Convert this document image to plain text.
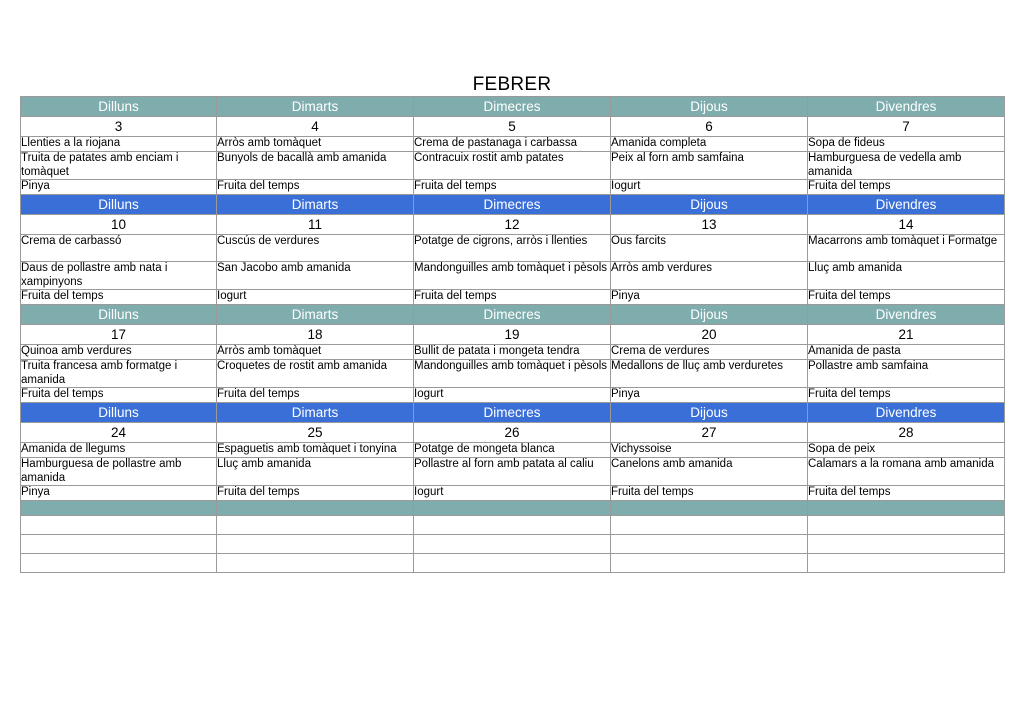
FEBRER
Dilluns	Dimarts	Dimecres	Dijous	Divendres
3	4	5	6	7
Llenties a la riojana	Arròs amb tomàquet	Crema de pastanaga i carbassa	Amanida completa	Sopa de fideus
Truita de patates amb enciam i tomàquet	Bunyols de bacallà amb amanida	Contracuix rostit amb patates	Peix al forn amb samfaina	Hamburguesa de vedella amb amanida
Pinya	Fruita del temps	Fruita del temps	Iogurt	Fruita del temps
Dilluns	Dimarts	Dimecres	Dijous	Divendres
10	11	12	13	14
Crema de carbassó	Cuscús de verdures	Potatge de cigrons, arròs i llenties	Ous farcits	Macarrons amb tomàquet i Formatge
Daus de pollastre amb nata i xampinyons	San Jacobo amb amanida	Mandonguilles amb tomàquet i pèsols	Arròs amb verdures	Lluç amb amanida
Fruita del temps	Iogurt	Fruita del temps	Pinya	Fruita del temps
Dilluns	Dimarts	Dimecres	Dijous	Divendres
17	18	19	20	21
Quinoa amb verdures	Arròs amb tomàquet	Bullit de patata i mongeta tendra	Crema de verdures	Amanida de pasta
Truita francesa amb formatge i amanida	Croquetes de rostit amb amanida	Mandonguilles amb tomàquet i pèsols	Medallons de lluç amb verduretes	Pollastre amb samfaina
Fruita del temps	Fruita del temps	Iogurt	Pinya	Fruita del temps
Dilluns	Dimarts	Dimecres	Dijous	Divendres
24	25	26	27	28
Amanida de llegums	Espaguetis amb tomàquet i tonyina	Potatge de mongeta blanca	Vichyssoise	Sopa de peix
Hamburguesa de pollastre amb amanida	Lluç amb amanida	Pollastre al forn amb patata al caliu	Canelons amb amanida	Calamars a la romana amb amanida
Pinya	Fruita del temps	Iogurt	Fruita del temps	Fruita del temps
